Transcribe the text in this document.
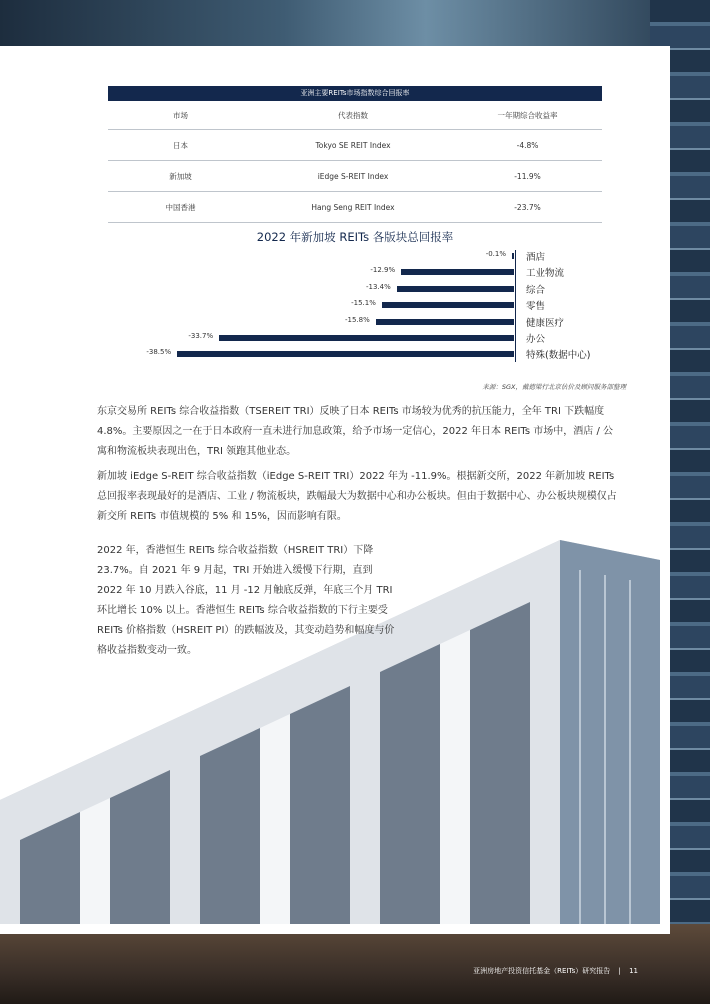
亚洲主要REITs市场指数综合回报率
市场	代表指数	一年期综合收益率
日本	Tokyo SE REIT Index	-4.8%
新加坡	iEdge S-REIT Index	-11.9%
中国香港	Hang Seng REIT Index	-23.7%
2022 年新加坡 REITs 各版块总回报率
-0.1% 酒店
-12.9%	工业物流
-13.4%	综合
-15.1%	零售
-15.8%	健康医疗
-33.7%	办公
-38.5%	特殊(数据中心)
来源：SGX，戴德梁行北京估价及顾问服务部整理
东京交易所 REITs 综合收益指数（TSEREIT TRI）反映了日本 REITs 市场较为优秀的抗压能力，全年 TRI 下跌幅度 4.8%。主要原因之一在于日本政府一直未进行加息政策，给予市场一定信心，2022 年日本 REITs 市场中，酒店 / 公寓和物流板块表现出色，TRI 领跑其他业态。
新加坡 iEdge S-REIT 综合收益指数（iEdge S-REIT TRI）2022 年为 -11.9%。根据新交所，2022 年新加坡 REITs 总回报率表现最好的是酒店、工业 / 物流板块，跌幅最大为数据中心和办公板块。但由于数据中心、办公板块规模仅占新交所 REITs 市值规模的 5% 和 15%，因而影响有限。
2022 年，香港恒生 REITs 综合收益指数（HSREIT TRI）下降 23.7%。自 2021 年 9 月起，TRI 开始进入缓慢下行期，直到 2022 年 10 月跌入谷底，11 月 -12 月触底反弹，年底三个月 TRI 环比增长 10% 以上。香港恒生 REITs 综合收益指数的下行主要受 REITs 价格指数（HSREIT PI）的跌幅波及，其变动趋势和幅度与价格收益指数变动一致。
亚洲房地产投资信托基金（REITs）研究报告 | 11
